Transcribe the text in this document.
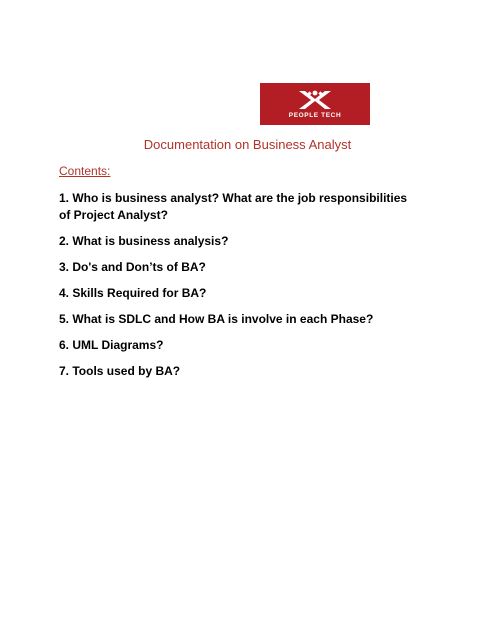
PEOPLE TECH
Documentation on Business Analyst
Contents:
1. Who is business analyst? What are the job responsibilities of Project Analyst?
2. What is business analysis?
3. Do's and Don’ts of BA?
4. Skills Required for BA?
5. What is SDLC and How BA is involve in each Phase?
6. UML Diagrams?
7. Tools used by BA?
